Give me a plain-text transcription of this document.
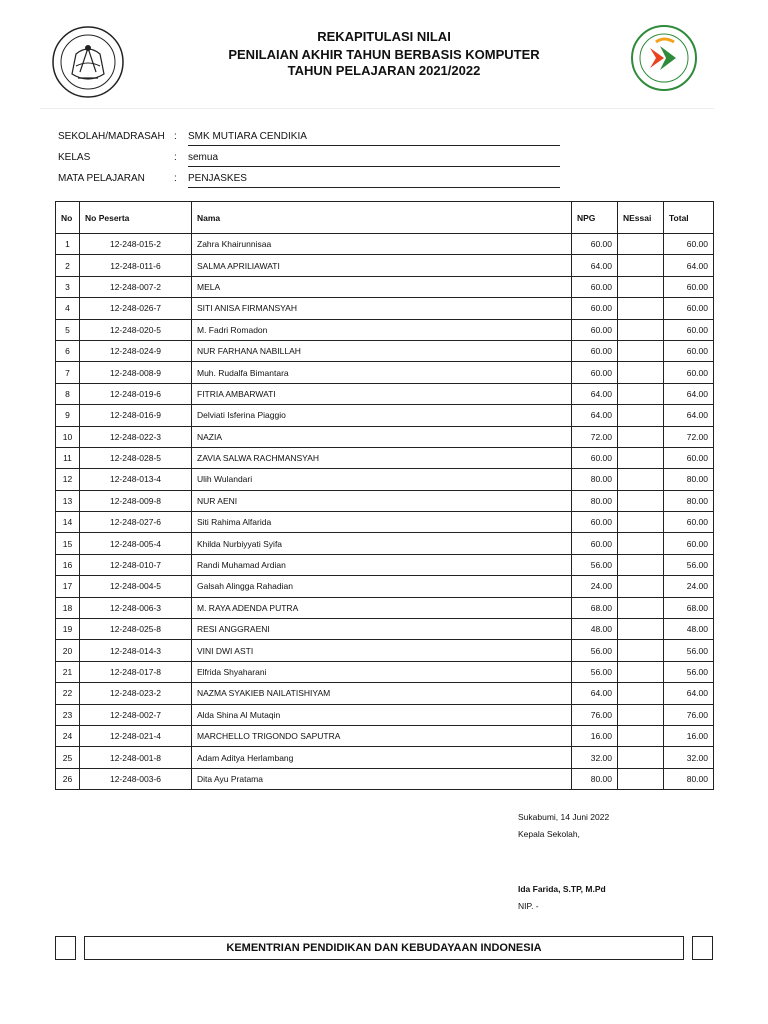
REKAPITULASI NILAI
PENILAIAN AKHIR TAHUN BERBASIS KOMPUTER
TAHUN PELAJARAN 2021/2022
SEKOLAH/MADRASAH : SMK MUTIARA CENDIKIA
KELAS	: semua
MATA PELAJARAN	: PENJASKES
No	No Peserta	Nama	NPG	NEssai	Total
1	12-248-015-2	Zahra Khairunnisaa	60.00		60.00
2	12-248-011-6	SALMA APRILIAWATI	64.00		64.00
3	12-248-007-2	MELA	60.00		60.00
4	12-248-026-7	SITI ANISA FIRMANSYAH	60.00		60.00
5	12-248-020-5	M. Fadri Romadon	60.00		60.00
6	12-248-024-9	NUR FARHANA NABILLAH	60.00		60.00
7	12-248-008-9	Muh. Rudalfa Bimantara	60.00		60.00
8	12-248-019-6	FITRIA AMBARWATI	64.00		64.00
9	12-248-016-9	Delviati Isferina Piaggio	64.00		64.00
10	12-248-022-3	NAZIA	72.00		72.00
11	12-248-028-5	ZAVIA SALWA RACHMANSYAH	60.00		60.00
12	12-248-013-4	Ulih Wulandari	80.00		80.00
13	12-248-009-8	NUR AENI	80.00		80.00
14	12-248-027-6	Siti Rahima Alfarida	60.00		60.00
15	12-248-005-4	Khilda Nurbiyyati Syifa	60.00		60.00
16	12-248-010-7	Randi Muhamad Ardian	56.00		56.00
17	12-248-004-5	Galsah Alingga Rahadian	24.00		24.00
18	12-248-006-3	M. RAYA ADENDA PUTRA	68.00		68.00
19	12-248-025-8	RESI ANGGRAENI	48.00		48.00
20	12-248-014-3	VINI DWI ASTI	56.00		56.00
21	12-248-017-8	Elfrida Shyaharani	56.00		56.00
22	12-248-023-2	NAZMA SYAKIEB NAILATISHIYAM	64.00		64.00
23	12-248-002-7	Alda Shina Al Mutaqin	76.00		76.00
24	12-248-021-4	MARCHELLO TRIGONDO SAPUTRA	16.00		16.00
25	12-248-001-8	Adam Aditya Herlambang	32.00		32.00
26	12-248-003-6	Dita Ayu Pratama	80.00		80.00
Sukabumi, 14 Juni 2022
Kepala Sekolah,
Ida Farida, S.TP, M.Pd
NIP. -
KEMENTRIAN PENDIDIKAN DAN KEBUDAYAAN INDONESIA
